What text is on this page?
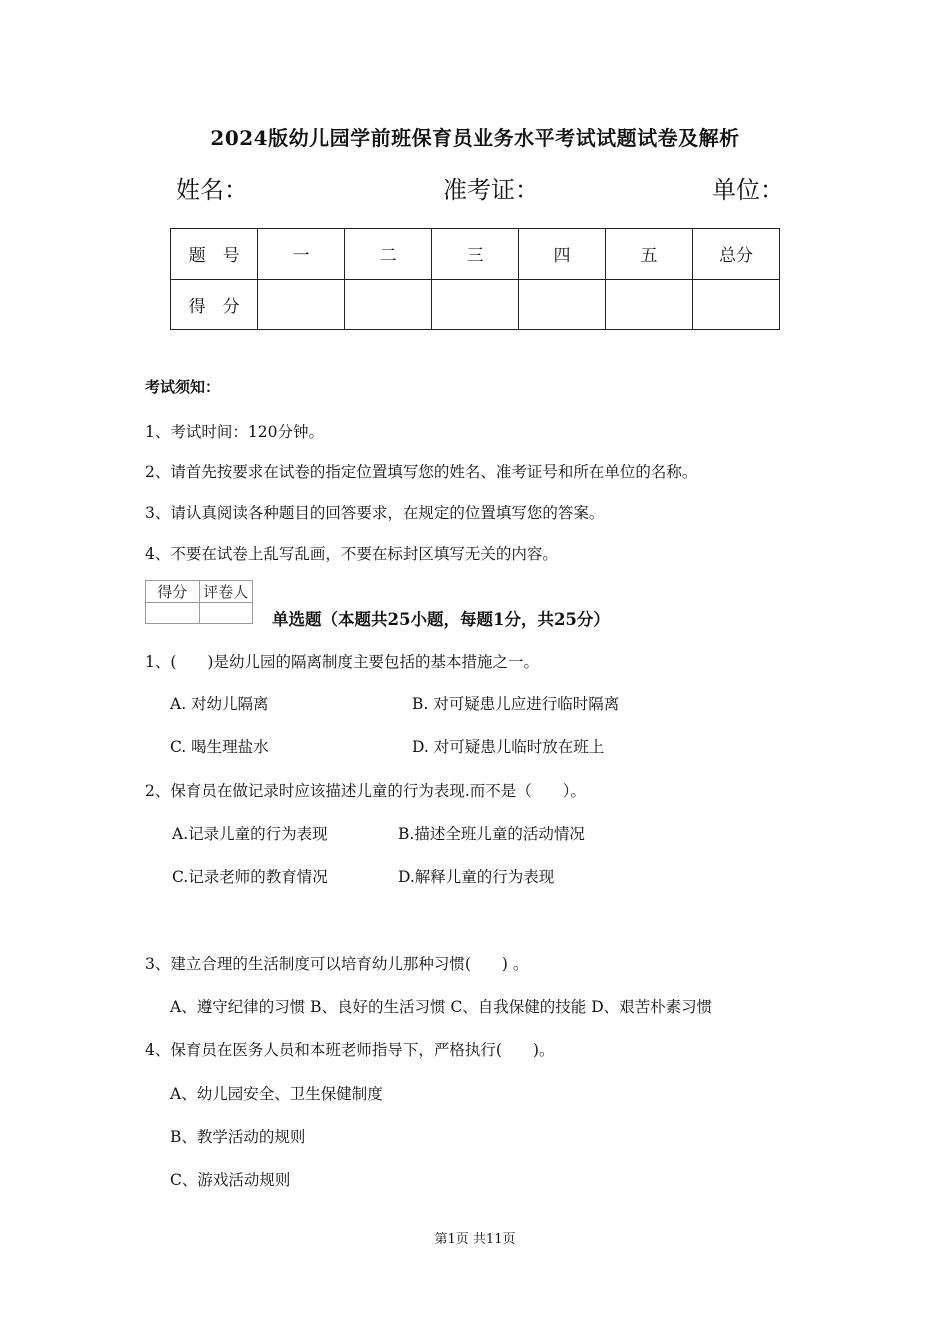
2024版幼儿园学前班保育员业务水平考试试题试卷及解析
姓名：	准考证：	单位：
题　号	一	二	三	四	五	总分
得　分						
考试须知：
1、考试时间：120分钟。
2、请首先按要求在试卷的指定位置填写您的姓名、准考证号和所在单位的名称。
3、请认真阅读各种题目的回答要求，在规定的位置填写您的答案。
4、不要在试卷上乱写乱画，不要在标封区填写无关的内容。
得分	评卷人

单选题（本题共25小题，每题1分，共25分）
1、(　　)是幼儿园的隔离制度主要包括的基本措施之一。
A. 对幼儿隔离	B. 对可疑患儿应进行临时隔离
C. 喝生理盐水	D. 对可疑患儿临时放在班上
2、保育员在做记录时应该描述儿童的行为表现.而不是（　　）。
A.记录儿童的行为表现	B.描述全班儿童的活动情况
C.记录老师的教育情况	D.解释儿童的行为表现
3、建立合理的生活制度可以培育幼儿那种习惯(　　) 。
A、遵守纪律的习惯 B、良好的生活习惯 C、自我保健的技能 D、艰苦朴素习惯
4、保育员在医务人员和本班老师指导下，严格执行(　　)。
A、幼儿园安全、卫生保健制度
B、教学活动的规则
C、游戏活动规则
第1页 共11页
